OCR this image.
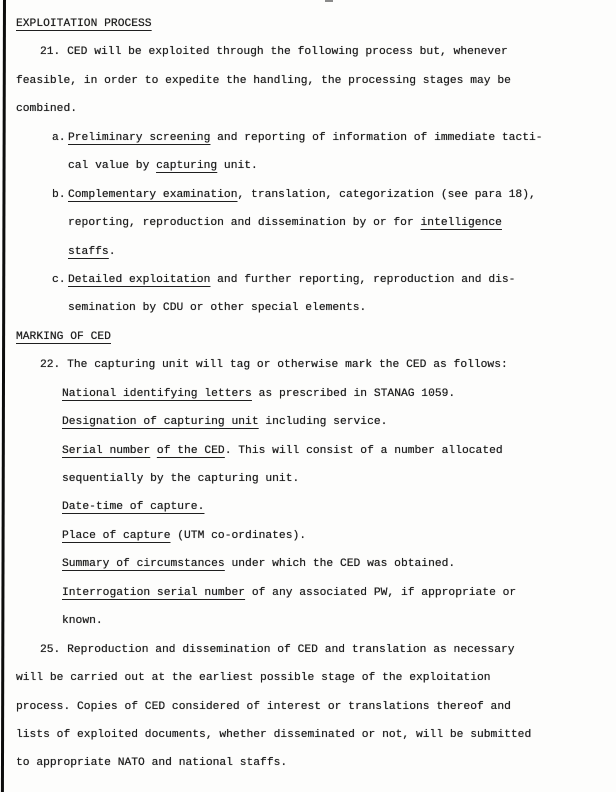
EXPLOITATION PROCESS
21. CED will be exploited through the following process but, whenever
feasible, in order to expedite the handling, the processing stages may be
combined.
a. Preliminary screening and reporting of information of immediate tacti-
cal value by capturing unit.
b. Complementary examination, translation, categorization (see para 18),
reporting, reproduction and dissemination by or for intelligence
staffs.
c. Detailed exploitation and further reporting, reproduction and dis-
semination by CDU or other special elements.
MARKING OF CED
22. The capturing unit will tag or otherwise mark the CED as follows:
National identifying letters as prescribed in STANAG 1059.
Designation of capturing unit including service.
Serial number of the CED. This will consist of a number allocated
sequentially by the capturing unit.
Date-time of capture.
Place of capture (UTM co-ordinates).
Summary of circumstances under which the CED was obtained.
Interrogation serial number of any associated PW, if appropriate or
known.
25. Reproduction and dissemination of CED and translation as necessary
will be carried out at the earliest possible stage of the exploitation
process. Copies of CED considered of interest or translations thereof and
lists of exploited documents, whether disseminated or not, will be submitted
to appropriate NATO and national staffs.
